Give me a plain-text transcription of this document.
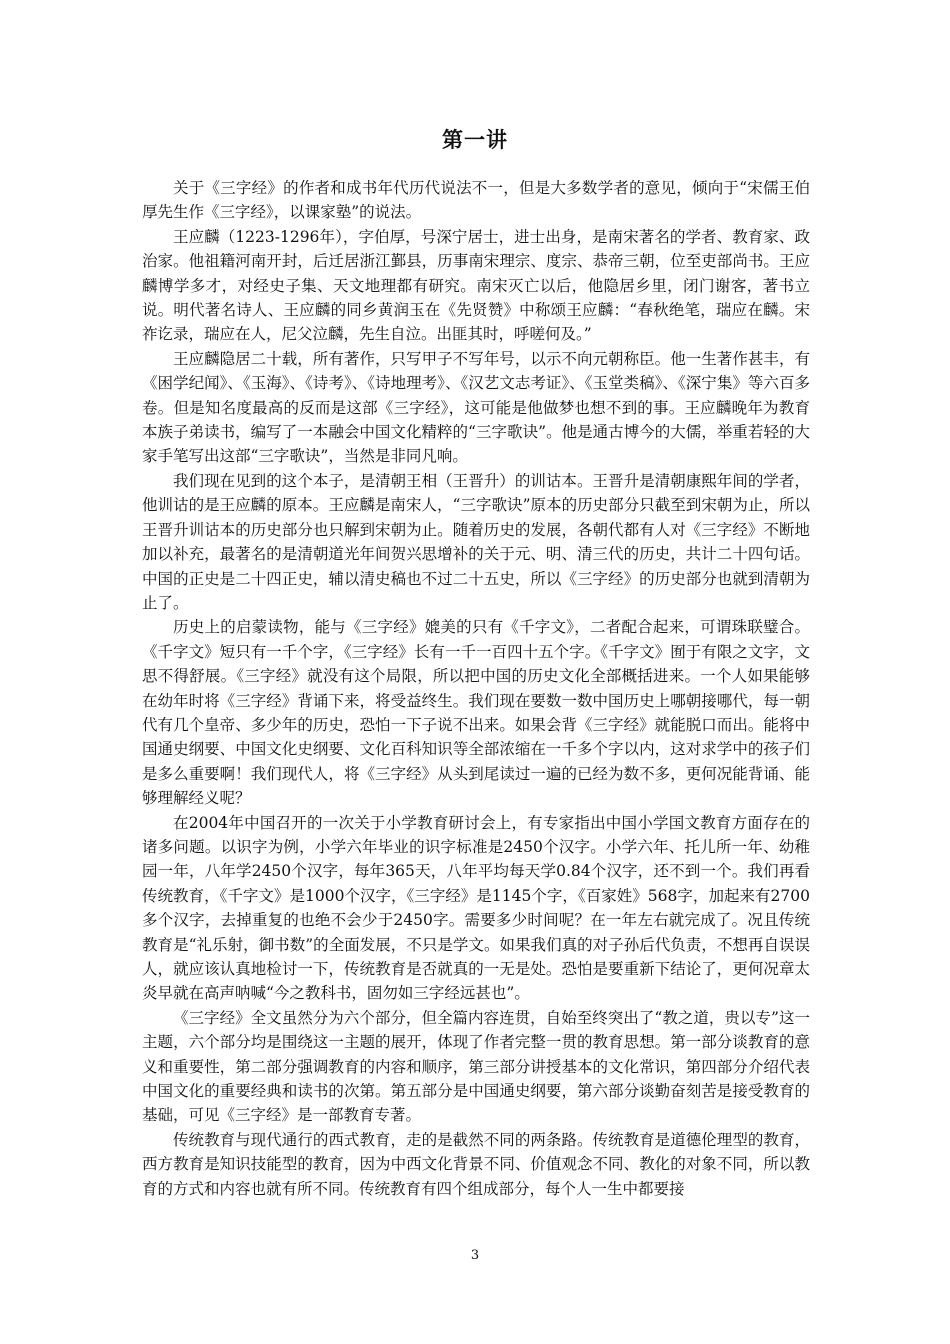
第一讲

关于《三字经》的作者和成书年代历代说法不一，但是大多数学者的意见，倾向于“宋儒王伯厚先生作《三字经》，以课家塾”的说法。

王应麟（1223-1296年），字伯厚，号深宁居士，进士出身，是南宋著名的学者、教育家、政治家。他祖籍河南开封，后迁居浙江鄞县，历事南宋理宗、度宗、恭帝三朝，位至吏部尚书。王应麟博学多才，对经史子集、天文地理都有研究。南宋灭亡以后，他隐居乡里，闭门谢客，著书立说。明代著名诗人、王应麟的同乡黄润玉在《先贤赞》中称颂王应麟：“春秋绝笔，瑞应在麟。宋祚讫录，瑞应在人，尼父泣麟，先生自泣。出匪其时，呼嗟何及。”

王应麟隐居二十载，所有著作，只写甲子不写年号，以示不向元朝称臣。他一生著作甚丰，有《困学纪闻》、《玉海》、《诗考》、《诗地理考》、《汉艺文志考证》、《玉堂类稿》、《深宁集》等六百多卷。但是知名度最高的反而是这部《三字经》，这可能是他做梦也想不到的事。王应麟晚年为教育本族子弟读书，编写了一本融会中国文化精粹的“三字歌诀”。他是通古博今的大儒，举重若轻的大家手笔写出这部“三字歌诀”，当然是非同凡响。

我们现在见到的这个本子，是清朝王相（王晋升）的训诂本。王晋升是清朝康熙年间的学者，他训诂的是王应麟的原本。王应麟是南宋人，“三字歌诀”原本的历史部分只截至到宋朝为止，所以王晋升训诂本的历史部分也只解到宋朝为止。随着历史的发展，各朝代都有人对《三字经》不断地加以补充，最著名的是清朝道光年间贺兴思增补的关于元、明、清三代的历史，共计二十四句话。中国的正史是二十四正史，辅以清史稿也不过二十五史，所以《三字经》的历史部分也就到清朝为止了。

历史上的启蒙读物，能与《三字经》媲美的只有《千字文》，二者配合起来，可谓珠联璧合。《千字文》短只有一千个字，《三字经》长有一千一百四十五个字。《千字文》囿于有限之文字，文思不得舒展。《三字经》就没有这个局限，所以把中国的历史文化全部概括进来。一个人如果能够在幼年时将《三字经》背诵下来，将受益终生。我们现在要数一数中国历史上哪朝接哪代，每一朝代有几个皇帝、多少年的历史，恐怕一下子说不出来。如果会背《三字经》就能脱口而出。能将中国通史纲要、中国文化史纲要、文化百科知识等全部浓缩在一千多个字以内，这对求学中的孩子们是多么重要啊！我们现代人，将《三字经》从头到尾读过一遍的已经为数不多，更何况能背诵、能够理解经义呢？

在2004年中国召开的一次关于小学教育研讨会上，有专家指出中国小学国文教育方面存在的诸多问题。以识字为例，小学六年毕业的识字标准是2450个汉字。小学六年、托儿所一年、幼稚园一年，八年学2450个汉字，每年365天，八年平均每天学0.84个汉字，还不到一个。我们再看传统教育，《千字文》是1000个汉字，《三字经》是1145个字，《百家姓》568字，加起来有2700多个汉字，去掉重复的也绝不会少于2450字。需要多少时间呢？在一年左右就完成了。况且传统教育是“礼乐射，御书数”的全面发展，不只是学文。如果我们真的对子孙后代负责，不想再自误误人，就应该认真地检讨一下，传统教育是否就真的一无是处。恐怕是要重新下结论了，更何况章太炎早就在高声呐喊“今之教科书，固勿如三字经远甚也”。

《三字经》全文虽然分为六个部分，但全篇内容连贯，自始至终突出了“教之道，贵以专”这一主题，六个部分均是围绕这一主题的展开，体现了作者完整一贯的教育思想。第一部分谈教育的意义和重要性，第二部分强调教育的内容和顺序，第三部分讲授基本的文化常识，第四部分介绍代表中国文化的重要经典和读书的次第。第五部分是中国通史纲要，第六部分谈勤奋刻苦是接受教育的基础，可见《三字经》是一部教育专著。

传统教育与现代通行的西式教育，走的是截然不同的两条路。传统教育是道德伦理型的教育，西方教育是知识技能型的教育，因为中西文化背景不同、价值观念不同、教化的对象不同，所以教育的方式和内容也就有所不同。传统教育有四个组成部分，每个人一生中都要接

3
